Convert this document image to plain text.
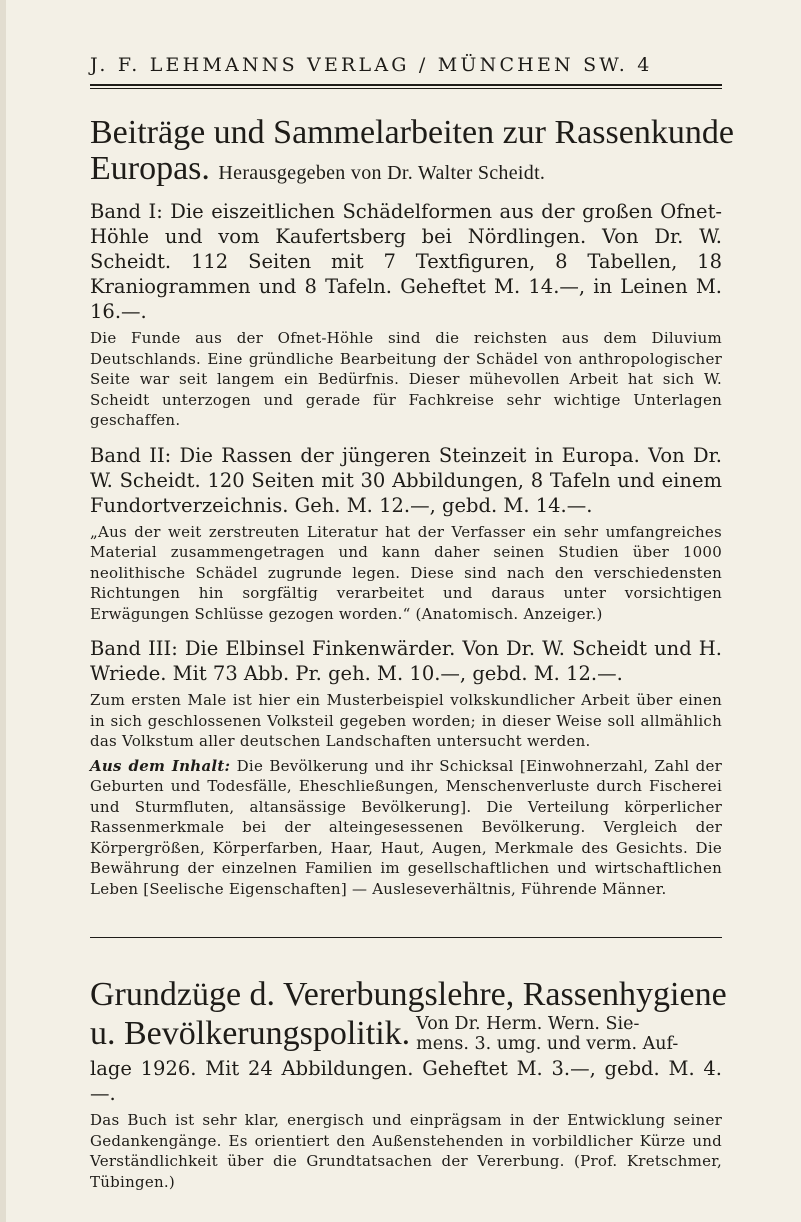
J. F. LEHMANNS VERLAG / MÜNCHEN SW. 4
Beiträge und Sammelarbeiten zur Rassenkunde
Europas. Herausgegeben von Dr. Walter Scheidt.

Band I: Die eiszeitlichen Schädelformen aus der großen Ofnet-Höhle und vom Kaufertsberg bei Nördlingen. Von Dr. W. Scheidt. 112 Seiten mit 7 Textfiguren, 8 Tabellen, 18 Kraniogrammen und 8 Tafeln. Geheftet M. 14.—, in Leinen M. 16.—.

Die Funde aus der Ofnet-Höhle sind die reichsten aus dem Diluvium Deutschlands. Eine gründliche Bearbeitung der Schädel von anthropologischer Seite war seit langem ein Bedürfnis. Dieser mühevollen Arbeit hat sich W. Scheidt unterzogen und gerade für Fachkreise sehr wichtige Unterlagen geschaffen.

Band II: Die Rassen der jüngeren Steinzeit in Europa. Von Dr. W. Scheidt. 120 Seiten mit 30 Abbildungen, 8 Tafeln und einem Fundortverzeichnis. Geh. M. 12.—, gebd. M. 14.—.

„Aus der weit zerstreuten Literatur hat der Verfasser ein sehr umfangreiches Material zusammengetragen und kann daher seinen Studien über 1000 neolithische Schädel zugrunde legen. Diese sind nach den verschiedensten Richtungen hin sorgfältig verarbeitet und daraus unter vorsichtigen Erwägungen Schlüsse gezogen worden.“ (Anatomisch. Anzeiger.)

Band III: Die Elbinsel Finkenwärder. Von Dr. W. Scheidt und H. Wriede. Mit 73 Abb. Pr. geh. M. 10.—, gebd. M. 12.—.

Zum ersten Male ist hier ein Musterbeispiel volkskundlicher Arbeit über einen in sich geschlossenen Volksteil gegeben worden; in dieser Weise soll allmählich das Volkstum aller deutschen Landschaften untersucht werden.

Aus dem Inhalt: Die Bevölkerung und ihr Schicksal [Einwohnerzahl, Zahl der Geburten und Todesfälle, Eheschließungen, Menschenverluste durch Fischerei und Sturmfluten, altansässige Bevölkerung]. Die Verteilung körperlicher Rassenmerkmale bei der alteingesessenen Bevölkerung. Vergleich der Körpergrößen, Körperfarben, Haar, Haut, Augen, Merkmale des Gesichts. Die Bewährung der einzelnen Familien im gesellschaftlichen und wirtschaftlichen Leben [Seelische Eigenschaften] — Ausleseverhältnis, Führende Männer.

Grundzüge d. Vererbungslehre, Rassenhygiene
u. Bevölkerungspolitik. Von Dr. Herm. Wern. Sie-
mens. 3. umg. und verm. Auf-

lage 1926. Mit 24 Abbildungen. Geheftet M. 3.—, gebd. M. 4.—.

Das Buch ist sehr klar, energisch und einprägsam in der Entwicklung seiner Gedankengänge. Es orientiert den Außenstehenden in vorbildlicher Kürze und Verständlichkeit über die Grundtatsachen der Vererbung. (Prof. Kretschmer, Tübingen.)
